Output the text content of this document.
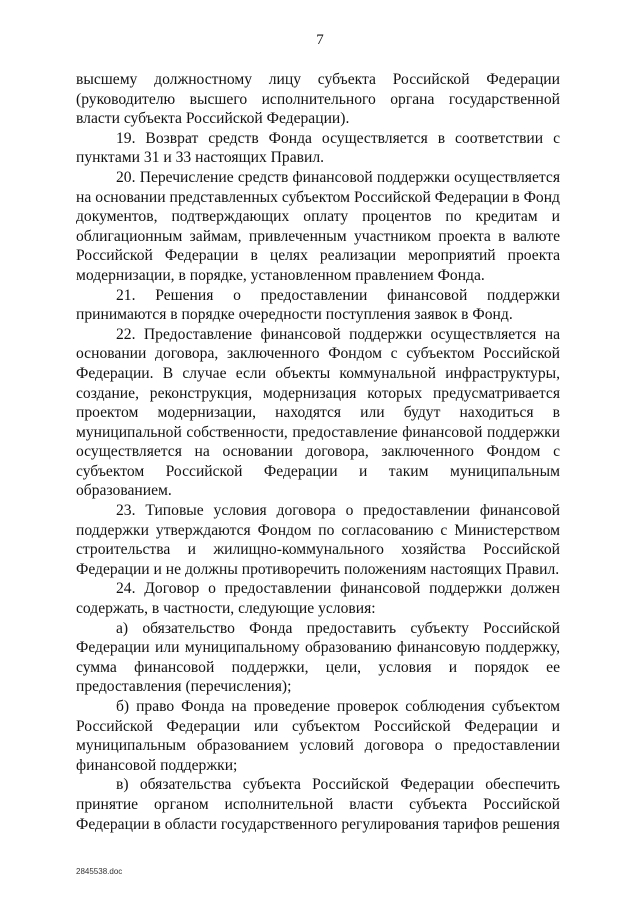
7

высшему должностному лицу субъекта Российской Федерации (руководителю высшего исполнительного органа государственной власти субъекта Российской Федерации).

19. Возврат средств Фонда осуществляется в соответствии с пунктами 31 и 33 настоящих Правил.

20. Перечисление средств финансовой поддержки осуществляется на основании представленных субъектом Российской Федерации в Фонд документов, подтверждающих оплату процентов по кредитам и облигационным займам, привлеченным участником проекта в валюте Российской Федерации в целях реализации мероприятий проекта модернизации, в порядке, установленном правлением Фонда.

21. Решения о предоставлении финансовой поддержки принимаются в порядке очередности поступления заявок в Фонд.

22. Предоставление финансовой поддержки осуществляется на основании договора, заключенного Фондом с субъектом Российской Федерации. В случае если объекты коммунальной инфраструктуры, создание, реконструкция, модернизация которых предусматривается проектом модернизации, находятся или будут находиться в муниципальной собственности, предоставление финансовой поддержки осуществляется на основании договора, заключенного Фондом с субъектом Российской Федерации и таким муниципальным образованием.

23. Типовые условия договора о предоставлении финансовой поддержки утверждаются Фондом по согласованию с Министерством строительства и жилищно-коммунального хозяйства Российской Федерации и не должны противоречить положениям настоящих Правил.

24. Договор о предоставлении финансовой поддержки должен содержать, в частности, следующие условия:

а) обязательство Фонда предоставить субъекту Российской Федерации или муниципальному образованию финансовую поддержку, сумма финансовой поддержки, цели, условия и порядок ее предоставления (перечисления);

б) право Фонда на проведение проверок соблюдения субъектом Российской Федерации или субъектом Российской Федерации и муниципальным образованием условий договора о предоставлении финансовой поддержки;

в) обязательства субъекта Российской Федерации обеспечить принятие органом исполнительной власти субъекта Российской Федерации в области государственного регулирования тарифов решения

2845538.doc
